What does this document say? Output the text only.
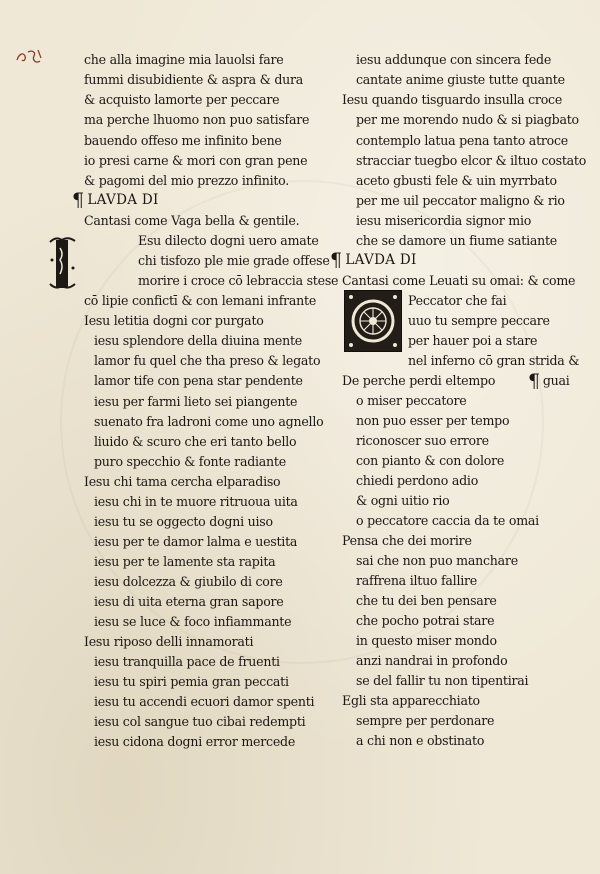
che alla imagine mia lauolsi fare
fummi disubidiente & aspra & dura
& acquisto lamorte per peccare
ma perche lhuomo non puo satisfare
bauendo offeso me infinito bene
io presi carne & mori con gran pene
& pagomi del mio prezzo infinito.
¶ LAVDA DI
Cantasi come Vaga bella & gentile.
Esu dilecto dogni uero amate
chi tisfozo ple mie grade offese
morire i croce cō lebraccia stese
cō lipie confictī & con lemani infrante
Iesu letitia dogni cor purgato
iesu splendore della diuina mente
lamor fu quel che tha preso & legato
lamor tife con pena star pendente
iesu per farmi lieto sei piangente
suenato fra ladroni come uno agnello
liuido & scuro che eri tanto bello
puro specchio & fonte radiante
Iesu chi tama cercha elparadiso
iesu chi in te muore ritruoua uita
iesu tu se oggecto dogni uiso
iesu per te damor lalma e uestita
iesu per te lamente sta rapita
iesu dolcezza & giubilo di core
iesu di uita eterna gran sapore
iesu se luce & foco infiammante
Iesu riposo delli innamorati
iesu tranquilla pace de fruenti
iesu tu spiri pemia gran peccati
iesu tu accendi ecuori damor spenti
iesu col sangue tuo cibai redempti
iesu cidona dogni error mercede
iesu addunque con sincera fede
cantate anime giuste tutte quante
Iesu quando tisguardo insulla croce
per me morendo nudo & si piagbato
contemplo latua pena tanto atroce
stracciar tuegbo elcor & iltuo costato
aceto gbusti fele & uin myrrbato
per me uil peccator maligno & rio
iesu misericordia signor mio
che se damore un fiume satiante
¶ LAVDA DI
Cantasi come Leuati su omai: & come
Peccator che fai
uuo tu sempre peccare
per hauer poi a stare
nel inferno cō gran strida &
De perche perdi eltempo ¶ guai
o miser peccatore
non puo esser per tempo
riconoscer suo errore
con pianto & con dolore
chiedi perdono adio
& ogni uitio rio
o peccatore caccia da te omai
Pensa che dei morire
sai che non puo manchare
raffrena iltuo fallire
che tu dei ben pensare
che pocho potrai stare
in questo miser mondo
anzi nandrai in profondo
se del fallir tu non tipentirai
Egli sta apparecchiato
sempre per perdonare
a chi non e obstinato
